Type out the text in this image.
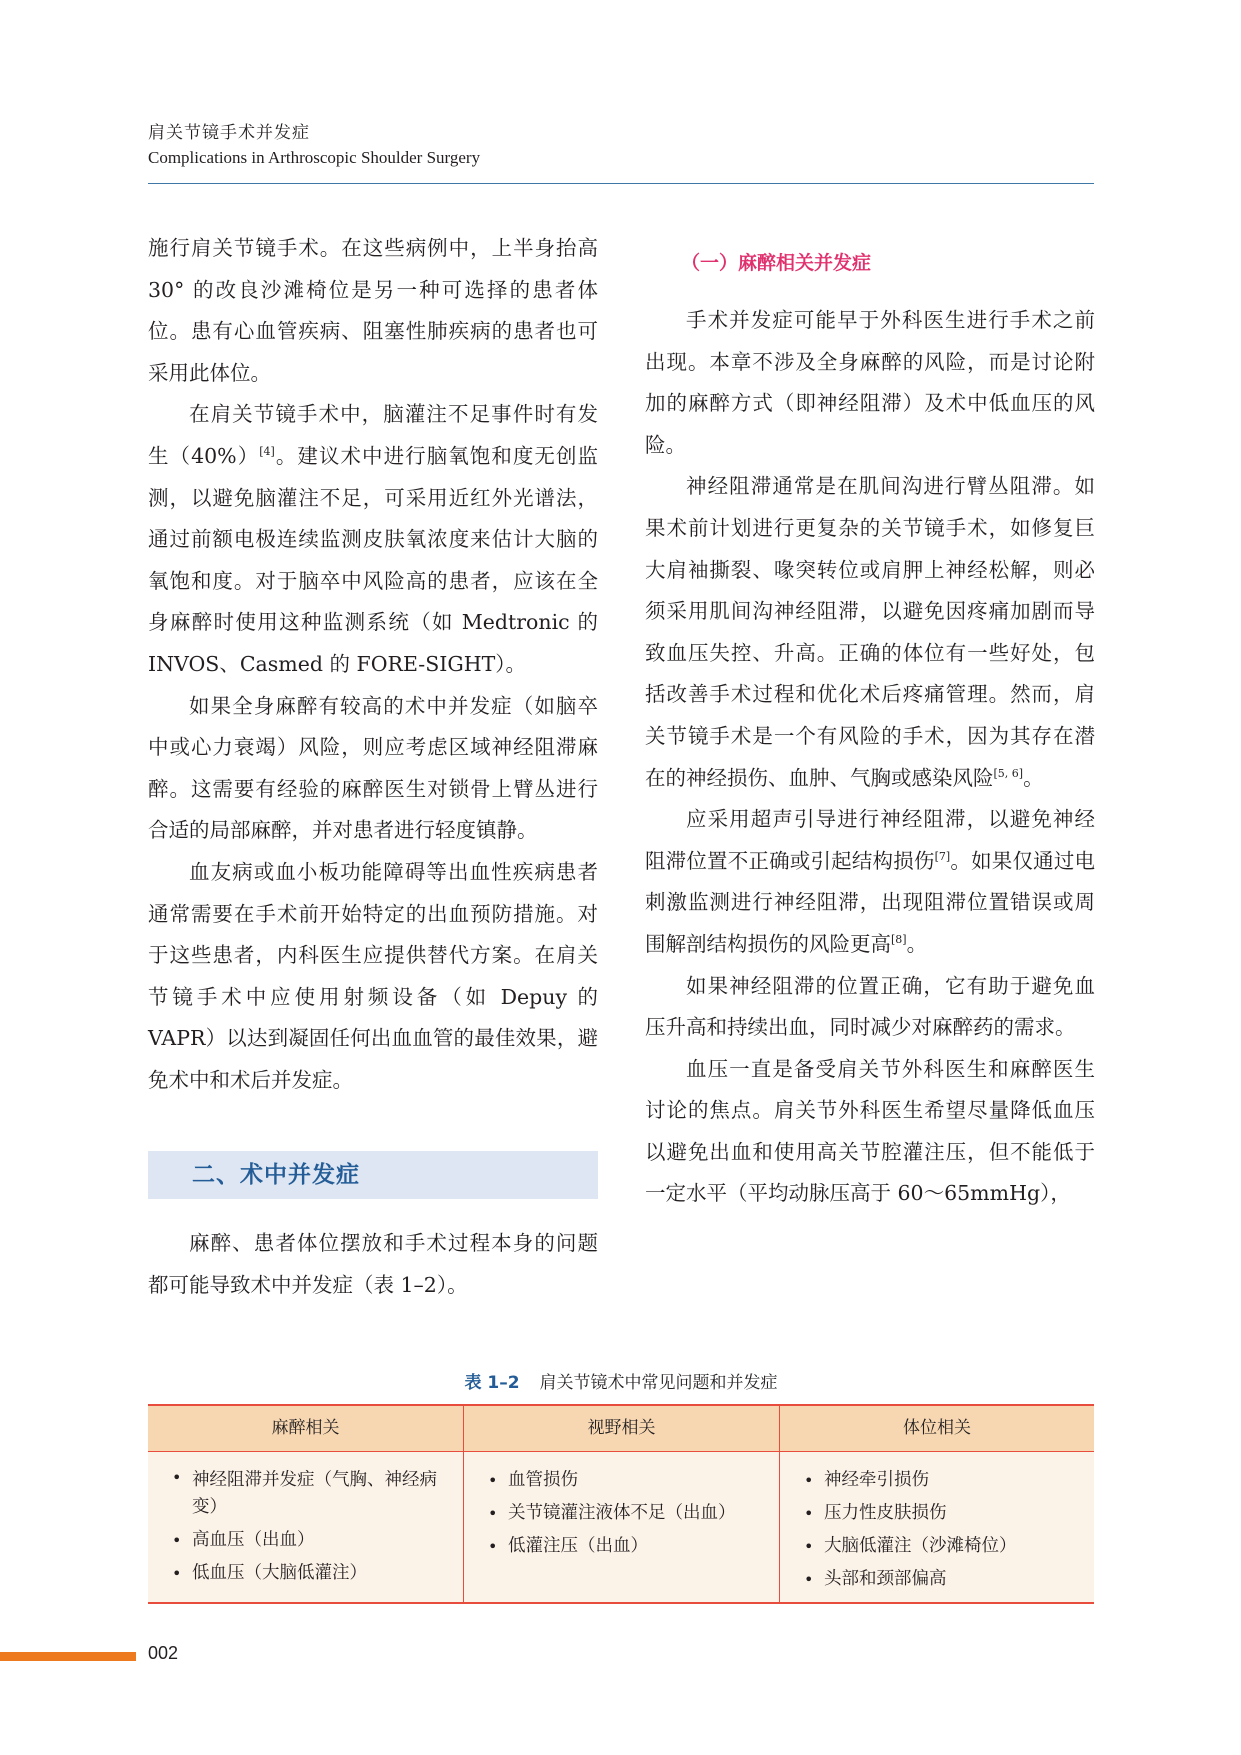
肩关节镜手术并发症
Complications in Arthroscopic Shoulder Surgery

施行肩关节镜手术。在这些病例中，上半身抬高 30° 的改良沙滩椅位是另一种可选择的患者体位。患有心血管疾病、阻塞性肺疾病的患者也可采用此体位。

在肩关节镜手术中，脑灌注不足事件时有发生（40%）[4]。建议术中进行脑氧饱和度无创监测，以避免脑灌注不足，可采用近红外光谱法，通过前额电极连续监测皮肤氧浓度来估计大脑的氧饱和度。对于脑卒中风险高的患者，应该在全身麻醉时使用这种监测系统（如 Medtronic 的 INVOS、Casmed 的 FORE-SIGHT）。

如果全身麻醉有较高的术中并发症（如脑卒中或心力衰竭）风险，则应考虑区域神经阻滞麻醉。这需要有经验的麻醉医生对锁骨上臂丛进行合适的局部麻醉，并对患者进行轻度镇静。

血友病或血小板功能障碍等出血性疾病患者通常需要在手术前开始特定的出血预防措施。对于这些患者，内科医生应提供替代方案。在肩关节镜手术中应使用射频设备（如 Depuy 的 VAPR）以达到凝固任何出血血管的最佳效果，避免术中和术后并发症。

二、术中并发症

麻醉、患者体位摆放和手术过程本身的问题都可能导致术中并发症（表 1–2）。

（一）麻醉相关并发症

手术并发症可能早于外科医生进行手术之前出现。本章不涉及全身麻醉的风险，而是讨论附加的麻醉方式（即神经阻滞）及术中低血压的风险。

神经阻滞通常是在肌间沟进行臂丛阻滞。如果术前计划进行更复杂的关节镜手术，如修复巨大肩袖撕裂、喙突转位或肩胛上神经松解，则必须采用肌间沟神经阻滞，以避免因疼痛加剧而导致血压失控、升高。正确的体位有一些好处，包括改善手术过程和优化术后疼痛管理。然而，肩关节镜手术是一个有风险的手术，因为其存在潜在的神经损伤、血肿、气胸或感染风险[5, 6]。

应采用超声引导进行神经阻滞，以避免神经阻滞位置不正确或引起结构损伤[7]。如果仅通过电刺激监测进行神经阻滞，出现阻滞位置错误或周围解剖结构损伤的风险更高[8]。

如果神经阻滞的位置正确，它有助于避免血压升高和持续出血，同时减少对麻醉药的需求。

血压一直是备受肩关节外科医生和麻醉医生讨论的焦点。肩关节外科医生希望尽量降低血压以避免出血和使用高关节腔灌注压，但不能低于一定水平（平均动脉压高于 60～65mmHg），

表 1–2 肩关节镜术中常见问题和并发症
麻醉相关	视野相关	体位相关
• 神经阻滞并发症（气胸、神经病变）
• 高血压（出血）
• 低血压（大脑低灌注）
• 血管损伤
• 关节镜灌注液体不足（出血）
• 低灌注压（出血）
• 神经牵引损伤
• 压力性皮肤损伤
• 大脑低灌注（沙滩椅位）
• 头部和颈部偏高
002
